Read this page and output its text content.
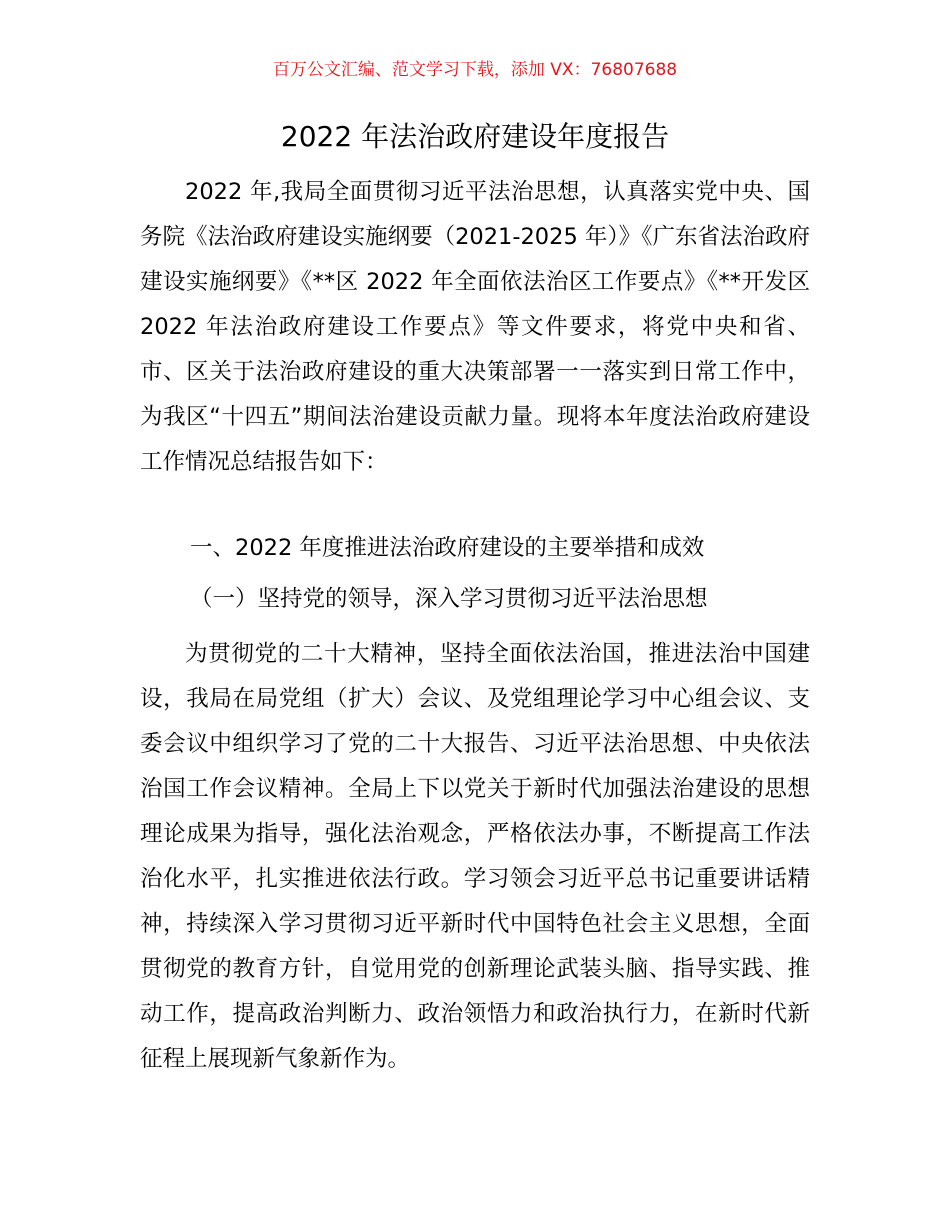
百万公文汇编、范文学习下载，添加 VX：76807688
2022 年法治政府建设年度报告

2022 年,我局全面贯彻习近平法治思想，认真落实党中央、国务院《法治政府建设实施纲要（2021-2025 年）》《广东省法治政府建设实施纲要》《**区 2022 年全面依法治区工作要点》《**开发区 2022 年法治政府建设工作要点》等文件要求，将党中央和省、市、区关于法治政府建设的重大决策部署一一落实到日常工作中，为我区“十四五”期间法治建设贡献力量。现将本年度法治政府建设工作情况总结报告如下：

一、2022 年度推进法治政府建设的主要举措和成效
（一）坚持党的领导，深入学习贯彻习近平法治思想

为贯彻党的二十大精神，坚持全面依法治国，推进法治中国建设，我局在局党组（扩大）会议、及党组理论学习中心组会议、支委会议中组织学习了党的二十大报告、习近平法治思想、中央依法治国工作会议精神。全局上下以党关于新时代加强法治建设的思想理论成果为指导，强化法治观念，严格依法办事，不断提高工作法治化水平，扎实推进依法行政。学习领会习近平总书记重要讲话精神，持续深入学习贯彻习近平新时代中国特色社会主义思想，全面贯彻党的教育方针，自觉用党的创新理论武装头脑、指导实践、推动工作，提高政治判断力、政治领悟力和政治执行力，在新时代新征程上展现新气象新作为。
